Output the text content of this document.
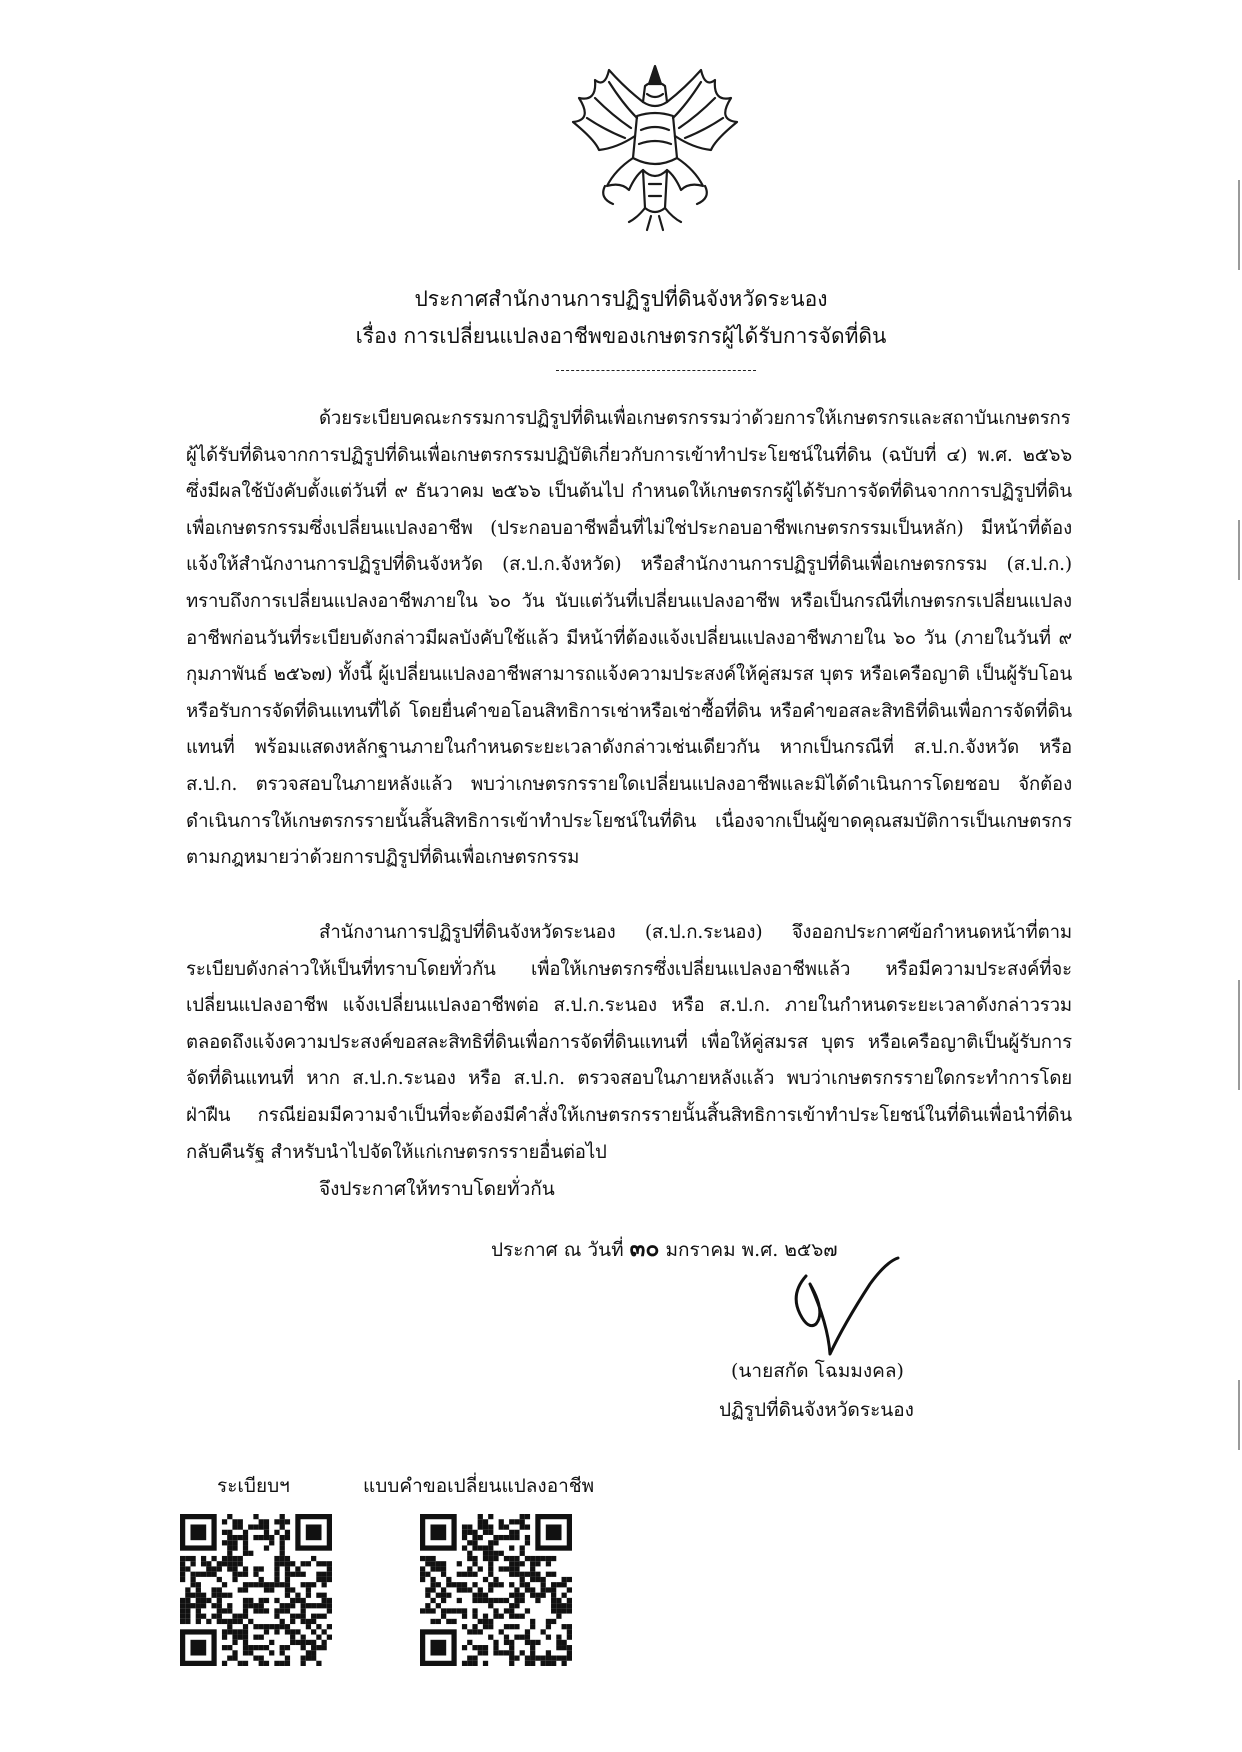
ประกาศสำนักงานการปฏิรูปที่ดินจังหวัดระนอง
เรื่อง การเปลี่ยนแปลงอาชีพของเกษตรกรผู้ได้รับการจัดที่ดิน

ด้วยระเบียบคณะกรรมการปฏิรูปที่ดินเพื่อเกษตรกรรมว่าด้วยการให้เกษตรกรและสถาบันเกษตรกรผู้ได้รับที่ดินจากการปฏิรูปที่ดินเพื่อเกษตรกรรมปฏิบัติเกี่ยวกับการเข้าทำประโยชน์ในที่ดิน (ฉบับที่ ๔) พ.ศ. ๒๕๖๖ ซึ่งมีผลใช้บังคับตั้งแต่วันที่ ๙ ธันวาคม ๒๕๖๖ เป็นต้นไป กำหนดให้เกษตรกรผู้ได้รับการจัดที่ดินจากการปฏิรูปที่ดินเพื่อเกษตรกรรมซึ่งเปลี่ยนแปลงอาชีพ (ประกอบอาชีพอื่นที่ไม่ใช่ประกอบอาชีพเกษตรกรรมเป็นหลัก) มีหน้าที่ต้องแจ้งให้สำนักงานการปฏิรูปที่ดินจังหวัด (ส.ป.ก.จังหวัด) หรือสำนักงานการปฏิรูปที่ดินเพื่อเกษตรกรรม (ส.ป.ก.) ทราบถึงการเปลี่ยนแปลงอาชีพภายใน ๖๐ วัน นับแต่วันที่เปลี่ยนแปลงอาชีพ หรือเป็นกรณีที่เกษตรกรเปลี่ยนแปลงอาชีพก่อนวันที่ระเบียบดังกล่าวมีผลบังคับใช้แล้ว มีหน้าที่ต้องแจ้งเปลี่ยนแปลงอาชีพภายใน ๖๐ วัน (ภายในวันที่ ๙ กุมภาพันธ์ ๒๕๖๗) ทั้งนี้ ผู้เปลี่ยนแปลงอาชีพสามารถแจ้งความประสงค์ให้คู่สมรส บุตร หรือเครือญาติ เป็นผู้รับโอนหรือรับการจัดที่ดินแทนที่ได้ โดยยื่นคำขอโอนสิทธิการเช่าหรือเช่าซื้อที่ดิน หรือคำขอสละสิทธิที่ดินเพื่อการจัดที่ดินแทนที่ พร้อมแสดงหลักฐานภายในกำหนดระยะเวลาดังกล่าวเช่นเดียวกัน หากเป็นกรณีที่ ส.ป.ก.จังหวัด หรือ ส.ป.ก. ตรวจสอบในภายหลังแล้ว พบว่าเกษตรกรรายใดเปลี่ยนแปลงอาชีพและมิได้ดำเนินการโดยชอบ จักต้องดำเนินการให้เกษตรกรรายนั้นสิ้นสิทธิการเข้าทำประโยชน์ในที่ดิน เนื่องจากเป็นผู้ขาดคุณสมบัติการเป็นเกษตรกรตามกฎหมายว่าด้วยการปฏิรูปที่ดินเพื่อเกษตรกรรม

สำนักงานการปฏิรูปที่ดินจังหวัดระนอง (ส.ป.ก.ระนอง) จึงออกประกาศข้อกำหนดหน้าที่ตามระเบียบดังกล่าวให้เป็นที่ทราบโดยทั่วกัน เพื่อให้เกษตรกรซึ่งเปลี่ยนแปลงอาชีพแล้ว หรือมีความประสงค์ที่จะเปลี่ยนแปลงอาชีพ แจ้งเปลี่ยนแปลงอาชีพต่อ ส.ป.ก.ระนอง หรือ ส.ป.ก. ภายในกำหนดระยะเวลาดังกล่าวรวมตลอดถึงแจ้งความประสงค์ขอสละสิทธิที่ดินเพื่อการจัดที่ดินแทนที่ เพื่อให้คู่สมรส บุตร หรือเครือญาติเป็นผู้รับการจัดที่ดินแทนที่ หาก ส.ป.ก.ระนอง หรือ ส.ป.ก. ตรวจสอบในภายหลังแล้ว พบว่าเกษตรกรรายใดกระทำการโดยฝ่าฝืน กรณีย่อมมีความจำเป็นที่จะต้องมีคำสั่งให้เกษตรกรรายนั้นสิ้นสิทธิการเข้าทำประโยชน์ในที่ดินเพื่อนำที่ดินกลับคืนรัฐ สำหรับนำไปจัดให้แก่เกษตรกรรายอื่นต่อไป

จึงประกาศให้ทราบโดยทั่วกัน
ประกาศ ณ วันที่ ๓๐ มกราคม พ.ศ. ๒๕๖๗
(นายสกัด โฉมมงคล)
ปฏิรูปที่ดินจังหวัดระนอง
ระเบียบฯ	แบบคำขอเปลี่ยนแปลงอาชีพ
